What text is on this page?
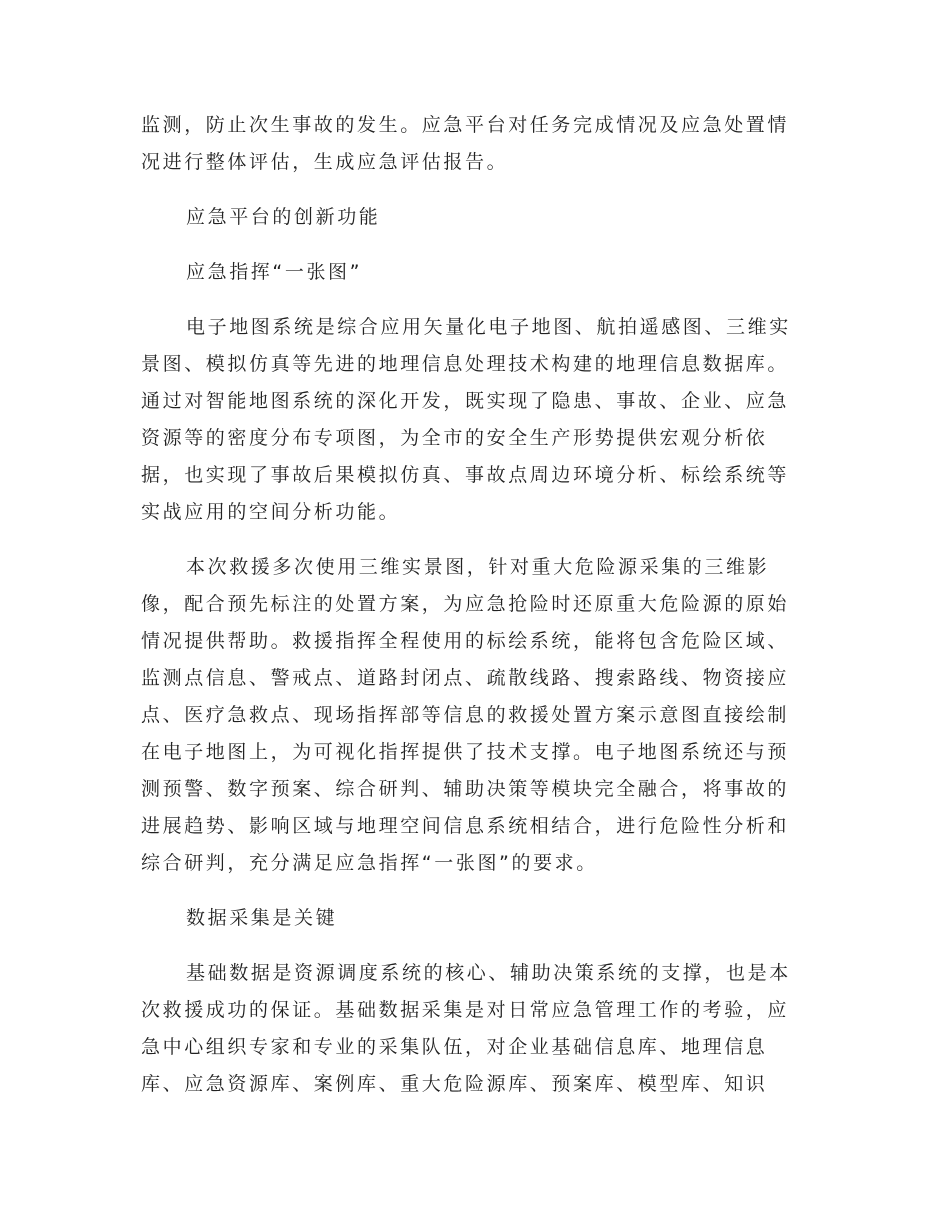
监测，防止次生事故的发生。应急平台对任务完成情况及应急处置情
况进行整体评估，生成应急评估报告。
应急平台的创新功能
应急指挥“一张图”
电子地图系统是综合应用矢量化电子地图、航拍遥感图、三维实
景图、模拟仿真等先进的地理信息处理技术构建的地理信息数据库。
通过对智能地图系统的深化开发，既实现了隐患、事故、企业、应急
资源等的密度分布专项图，为全市的安全生产形势提供宏观分析依
据，也实现了事故后果模拟仿真、事故点周边环境分析、标绘系统等
实战应用的空间分析功能。
本次救援多次使用三维实景图，针对重大危险源采集的三维影
像，配合预先标注的处置方案，为应急抢险时还原重大危险源的原始
情况提供帮助。救援指挥全程使用的标绘系统，能将包含危险区域、
监测点信息、警戒点、道路封闭点、疏散线路、搜索路线、物资接应
点、医疗急救点、现场指挥部等信息的救援处置方案示意图直接绘制
在电子地图上，为可视化指挥提供了技术支撑。电子地图系统还与预
测预警、数字预案、综合研判、辅助决策等模块完全融合，将事故的
进展趋势、影响区域与地理空间信息系统相结合，进行危险性分析和
综合研判，充分满足应急指挥“一张图”的要求。
数据采集是关键
基础数据是资源调度系统的核心、辅助决策系统的支撑，也是本
次救援成功的保证。基础数据采集是对日常应急管理工作的考验，应
急中心组织专家和专业的采集队伍，对企业基础信息库、地理信息
库、应急资源库、案例库、重大危险源库、预案库、模型库、知识
